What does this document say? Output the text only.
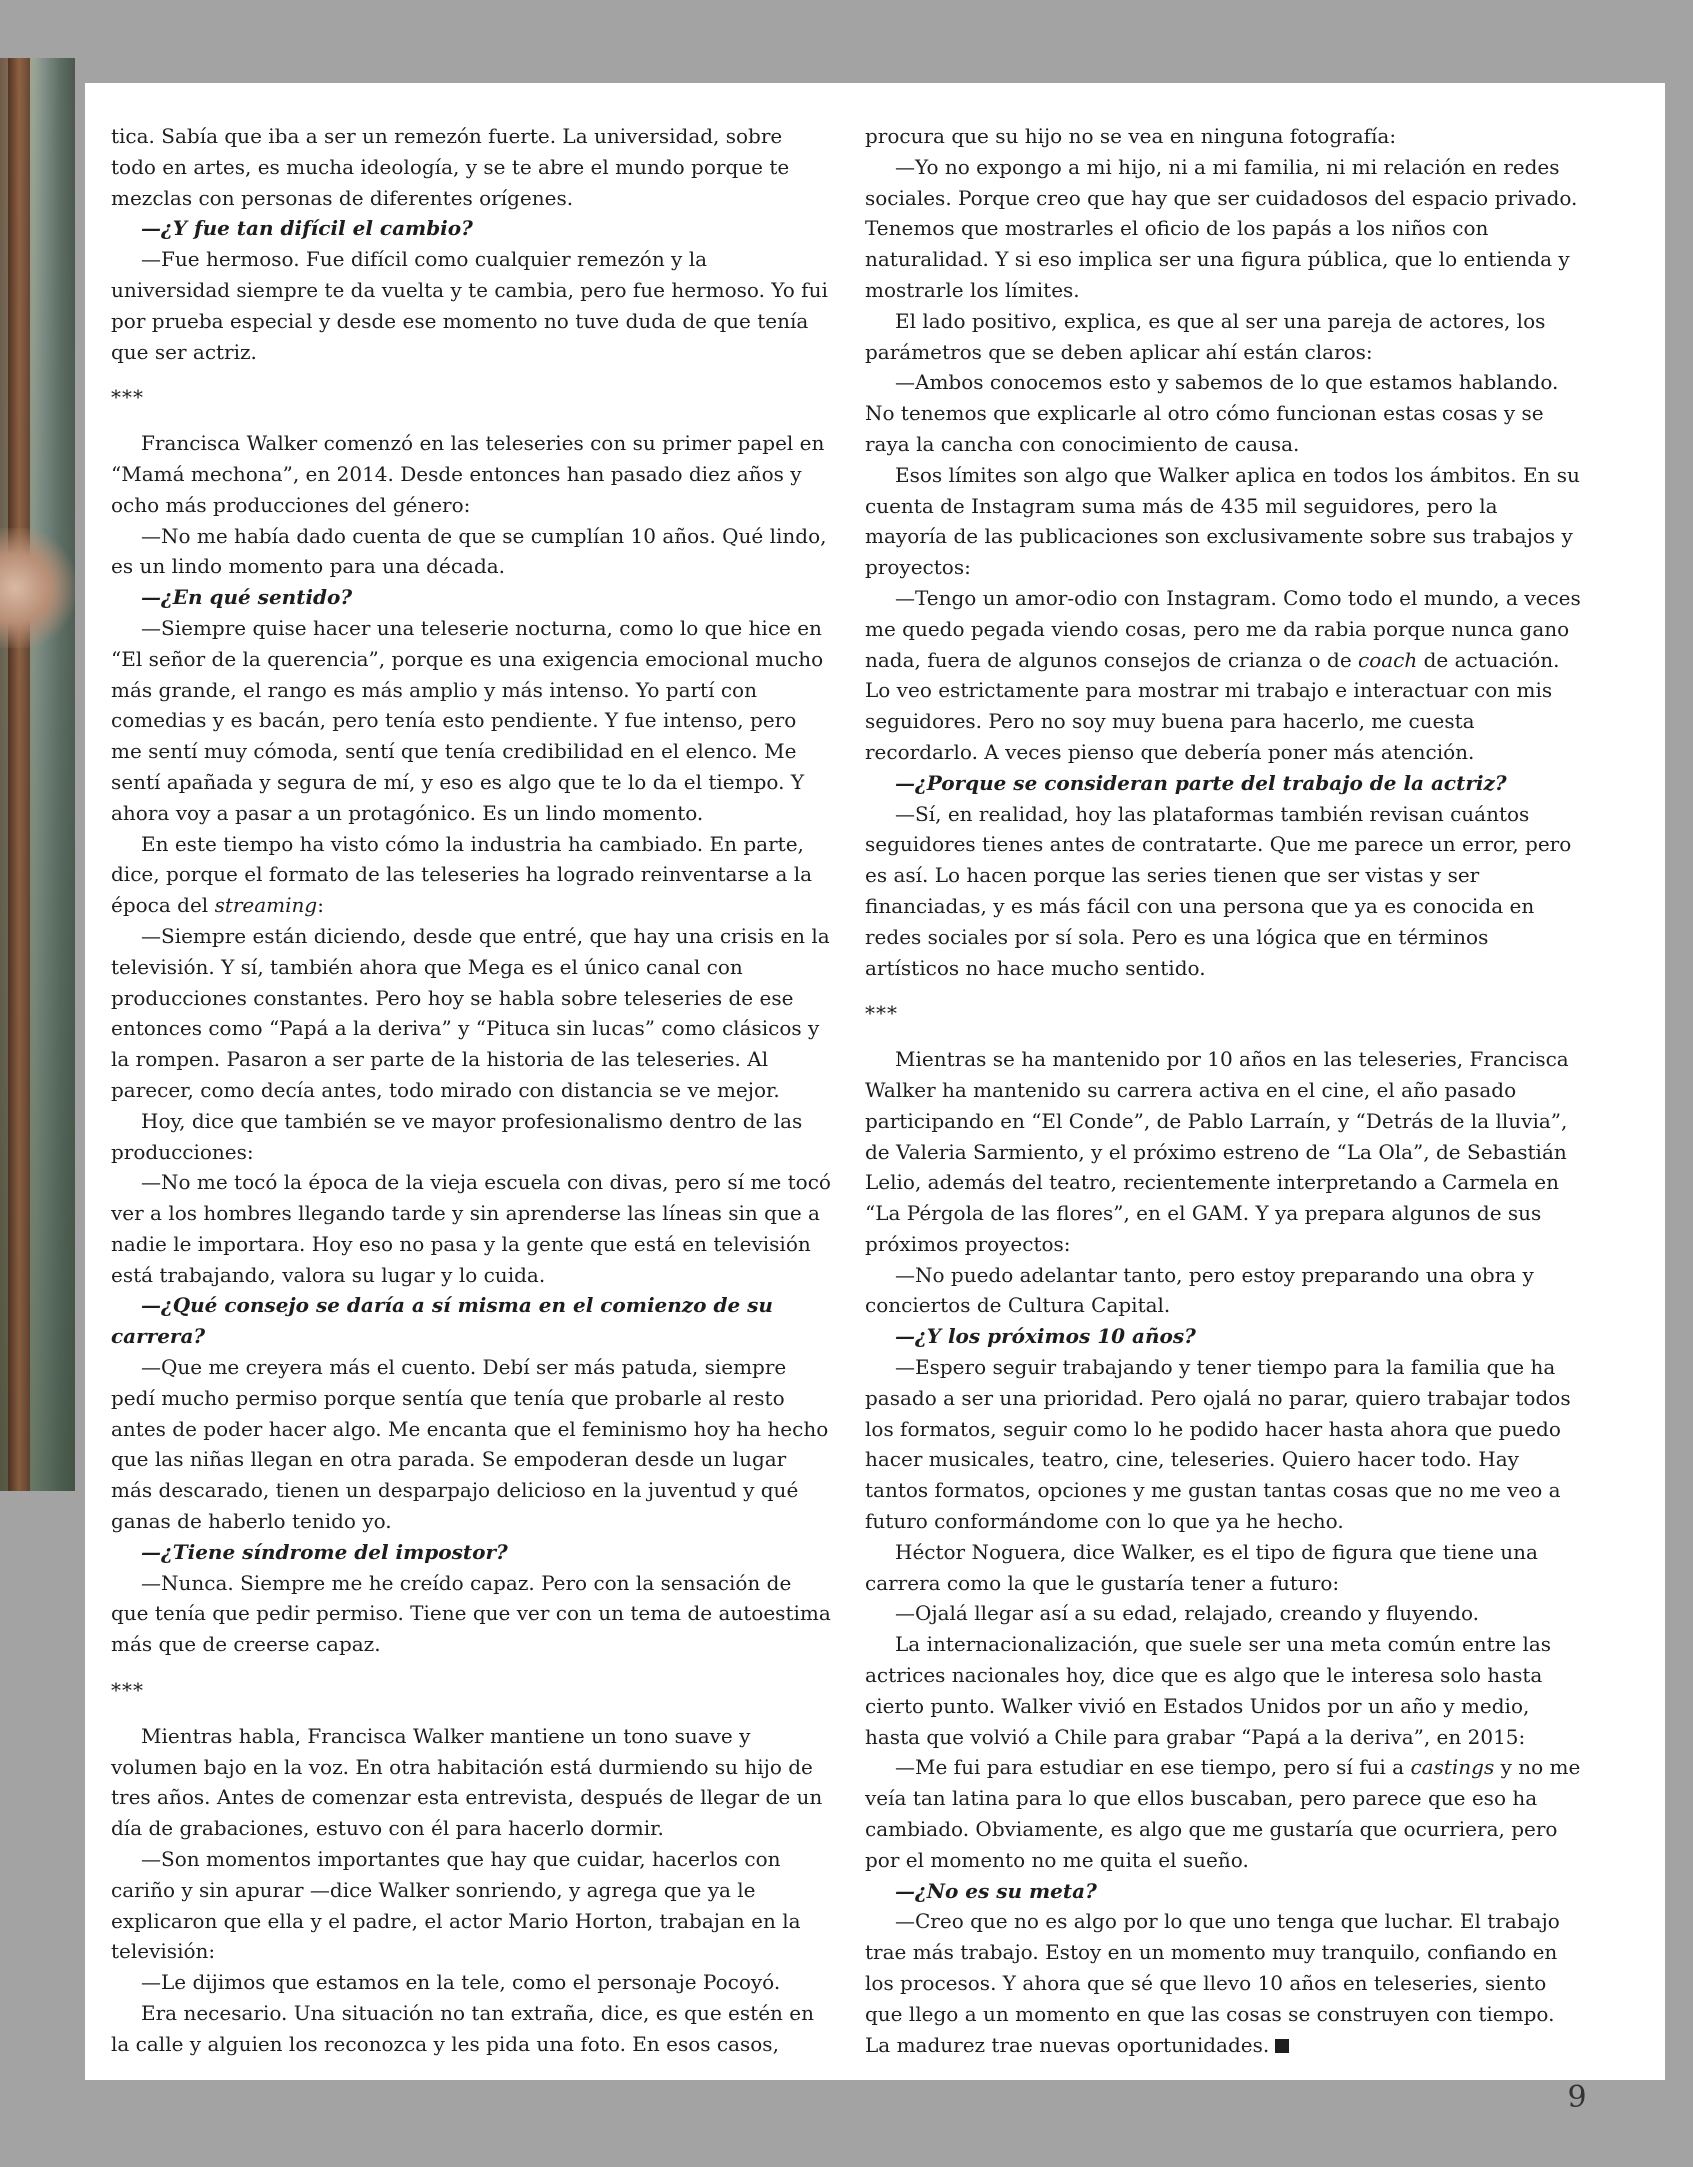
tica. Sabía que iba a ser un remezón fuerte. La universidad, sobre todo en artes, es mucha ideología, y se te abre el mundo porque te mezclas con personas de diferentes orígenes.

—¿Y fue tan difícil el cambio?

—Fue hermoso. Fue difícil como cualquier remezón y la universidad siempre te da vuelta y te cambia, pero fue hermoso. Yo fui por prueba especial y desde ese momento no tuve duda de que tenía que ser actriz.

***

Francisca Walker comenzó en las teleseries con su primer papel en “Mamá mechona”, en 2014. Desde entonces han pasado diez años y ocho más producciones del género:

—No me había dado cuenta de que se cumplían 10 años. Qué lindo, es un lindo momento para una década.

—¿En qué sentido?

—Siempre quise hacer una teleserie nocturna, como lo que hice en “El señor de la querencia”, porque es una exigencia emocional mucho más grande, el rango es más amplio y más intenso. Yo partí con comedias y es bacán, pero tenía esto pendiente. Y fue intenso, pero me sentí muy cómoda, sentí que tenía credibilidad en el elenco. Me sentí apañada y segura de mí, y eso es algo que te lo da el tiempo. Y ahora voy a pasar a un protagónico. Es un lindo momento.

En este tiempo ha visto cómo la industria ha cambiado. En parte, dice, porque el formato de las teleseries ha logrado reinventarse a la época del streaming:

—Siempre están diciendo, desde que entré, que hay una crisis en la televisión. Y sí, también ahora que Mega es el único canal con producciones constantes. Pero hoy se habla sobre teleseries de ese entonces como “Papá a la deriva” y “Pituca sin lucas” como clásicos y la rompen. Pasaron a ser parte de la historia de las teleseries. Al parecer, como decía antes, todo mirado con distancia se ve mejor.

Hoy, dice que también se ve mayor profesionalismo dentro de las producciones:

—No me tocó la época de la vieja escuela con divas, pero sí me tocó ver a los hombres llegando tarde y sin aprenderse las líneas sin que a nadie le importara. Hoy eso no pasa y la gente que está en televisión está trabajando, valora su lugar y lo cuida.

—¿Qué consejo se daría a sí misma en el comienzo de su carrera?

—Que me creyera más el cuento. Debí ser más patuda, siempre pedí mucho permiso porque sentía que tenía que probarle al resto antes de poder hacer algo. Me encanta que el feminismo hoy ha hecho que las niñas llegan en otra parada. Se empoderan desde un lugar más descarado, tienen un desparpajo delicioso en la juventud y qué ganas de haberlo tenido yo.

—¿Tiene síndrome del impostor?

—Nunca. Siempre me he creído capaz. Pero con la sensación de que tenía que pedir permiso. Tiene que ver con un tema de autoestima más que de creerse capaz.

***

Mientras habla, Francisca Walker mantiene un tono suave y volumen bajo en la voz. En otra habitación está durmiendo su hijo de tres años. Antes de comenzar esta entrevista, después de llegar de un día de grabaciones, estuvo con él para hacerlo dormir.

—Son momentos importantes que hay que cuidar, hacerlos con cariño y sin apurar —dice Walker sonriendo, y agrega que ya le explicaron que ella y el padre, el actor Mario Horton, trabajan en la televisión:

—Le dijimos que estamos en la tele, como el personaje Pocoyó.

Era necesario. Una situación no tan extraña, dice, es que estén en la calle y alguien los reconozca y les pida una foto. En esos casos,

procura que su hijo no se vea en ninguna fotografía:

—Yo no expongo a mi hijo, ni a mi familia, ni mi relación en redes sociales. Porque creo que hay que ser cuidadosos del espacio privado. Tenemos que mostrarles el oficio de los papás a los niños con naturalidad. Y si eso implica ser una figura pública, que lo entienda y mostrarle los límites.

El lado positivo, explica, es que al ser una pareja de actores, los parámetros que se deben aplicar ahí están claros:

—Ambos conocemos esto y sabemos de lo que estamos hablando. No tenemos que explicarle al otro cómo funcionan estas cosas y se raya la cancha con conocimiento de causa.

Esos límites son algo que Walker aplica en todos los ámbitos. En su cuenta de Instagram suma más de 435 mil seguidores, pero la mayoría de las publicaciones son exclusivamente sobre sus trabajos y proyectos:

—Tengo un amor-odio con Instagram. Como todo el mundo, a veces me quedo pegada viendo cosas, pero me da rabia porque nunca gano nada, fuera de algunos consejos de crianza o de coach de actuación. Lo veo estrictamente para mostrar mi trabajo e interactuar con mis seguidores. Pero no soy muy buena para hacerlo, me cuesta recordarlo. A veces pienso que debería poner más atención.

—¿Porque se consideran parte del trabajo de la actriz?

—Sí, en realidad, hoy las plataformas también revisan cuántos seguidores tienes antes de contratarte. Que me parece un error, pero es así. Lo hacen porque las series tienen que ser vistas y ser financiadas, y es más fácil con una persona que ya es conocida en redes sociales por sí sola. Pero es una lógica que en términos artísticos no hace mucho sentido.

***

Mientras se ha mantenido por 10 años en las teleseries, Francisca Walker ha mantenido su carrera activa en el cine, el año pasado participando en “El Conde”, de Pablo Larraín, y “Detrás de la lluvia”, de Valeria Sarmiento, y el próximo estreno de “La Ola”, de Sebastián Lelio, además del teatro, recientemente interpretando a Carmela en “La Pérgola de las flores”, en el GAM. Y ya prepara algunos de sus próximos proyectos:

—No puedo adelantar tanto, pero estoy preparando una obra y conciertos de Cultura Capital.

—¿Y los próximos 10 años?

—Espero seguir trabajando y tener tiempo para la familia que ha pasado a ser una prioridad. Pero ojalá no parar, quiero trabajar todos los formatos, seguir como lo he podido hacer hasta ahora que puedo hacer musicales, teatro, cine, teleseries. Quiero hacer todo. Hay tantos formatos, opciones y me gustan tantas cosas que no me veo a futuro conformándome con lo que ya he hecho.

Héctor Noguera, dice Walker, es el tipo de figura que tiene una carrera como la que le gustaría tener a futuro:

—Ojalá llegar así a su edad, relajado, creando y fluyendo.

La internacionalización, que suele ser una meta común entre las actrices nacionales hoy, dice que es algo que le interesa solo hasta cierto punto. Walker vivió en Estados Unidos por un año y medio, hasta que volvió a Chile para grabar “Papá a la deriva”, en 2015:

—Me fui para estudiar en ese tiempo, pero sí fui a castings y no me veía tan latina para lo que ellos buscaban, pero parece que eso ha cambiado. Obviamente, es algo que me gustaría que ocurriera, pero por el momento no me quita el sueño.

—¿No es su meta?

—Creo que no es algo por lo que uno tenga que luchar. El trabajo trae más trabajo. Estoy en un momento muy tranquilo, confiando en los procesos. Y ahora que sé que llevo 10 años en teleseries, siento que llego a un momento en que las cosas se construyen con tiempo. La madurez trae nuevas oportunidades.

9
